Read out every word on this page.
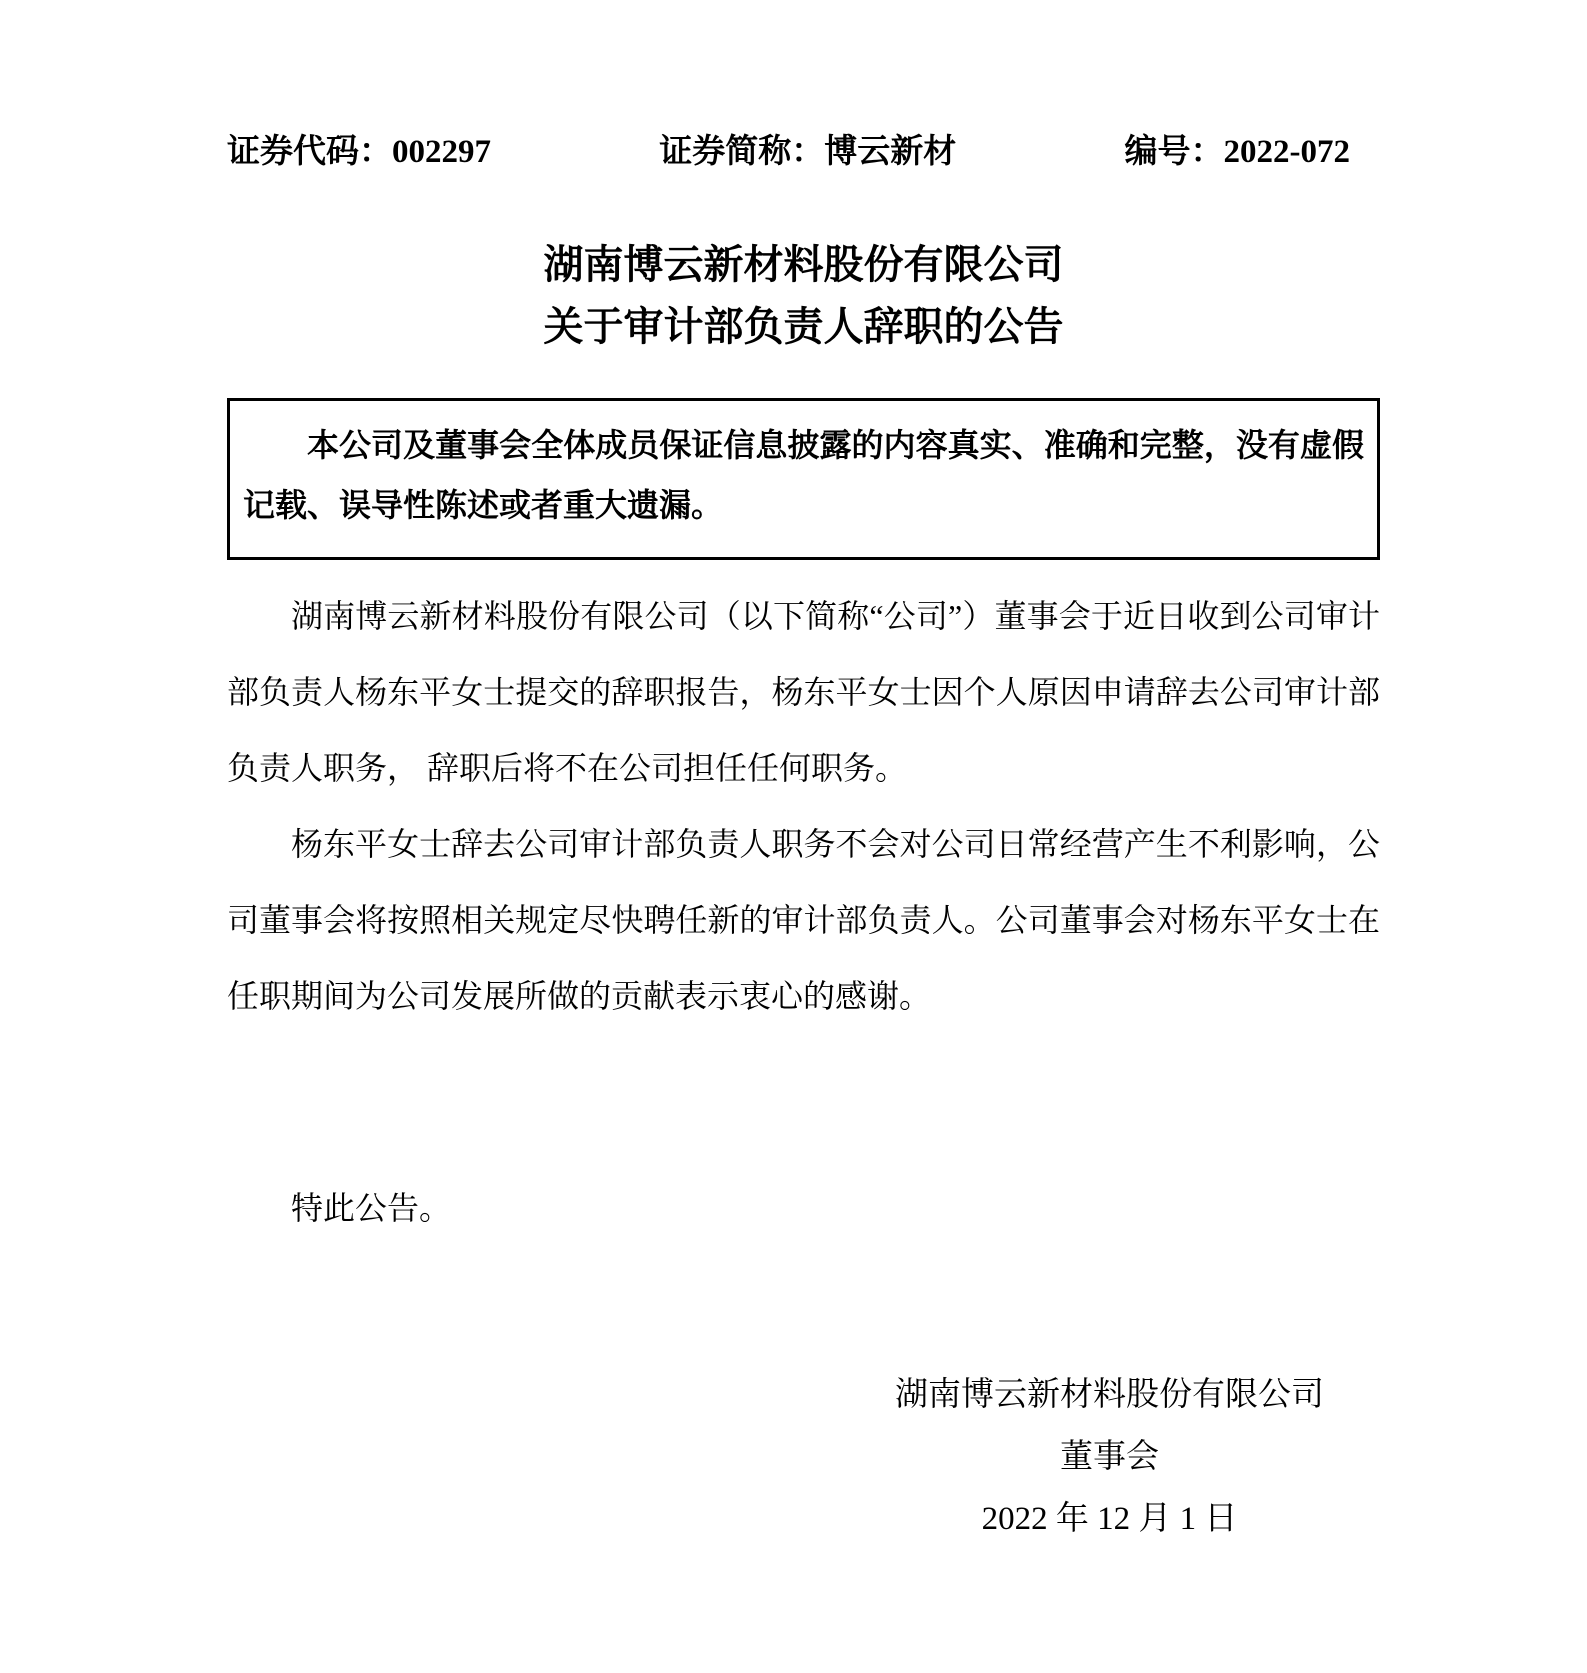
证券代码：002297	证券简称：博云新材	编号：2022-072
湖南博云新材料股份有限公司
关于审计部负责人辞职的公告

本公司及董事会全体成员保证信息披露的内容真实、准确和完整，没有虚假记载、误导性陈述或者重大遗漏。

湖南博云新材料股份有限公司（以下简称“公司”）董事会于近日收到公司审计部负责人杨东平女士提交的辞职报告，杨东平女士因个人原因申请辞去公司审计部负责人职务， 辞职后将不在公司担任任何职务。

杨东平女士辞去公司审计部负责人职务不会对公司日常经营产生不利影响，公司董事会将按照相关规定尽快聘任新的审计部负责人。公司董事会对杨东平女士在任职期间为公司发展所做的贡献表示衷心的感谢。

特此公告。

湖南博云新材料股份有限公司
董事会
2022 年 12 月 1 日
